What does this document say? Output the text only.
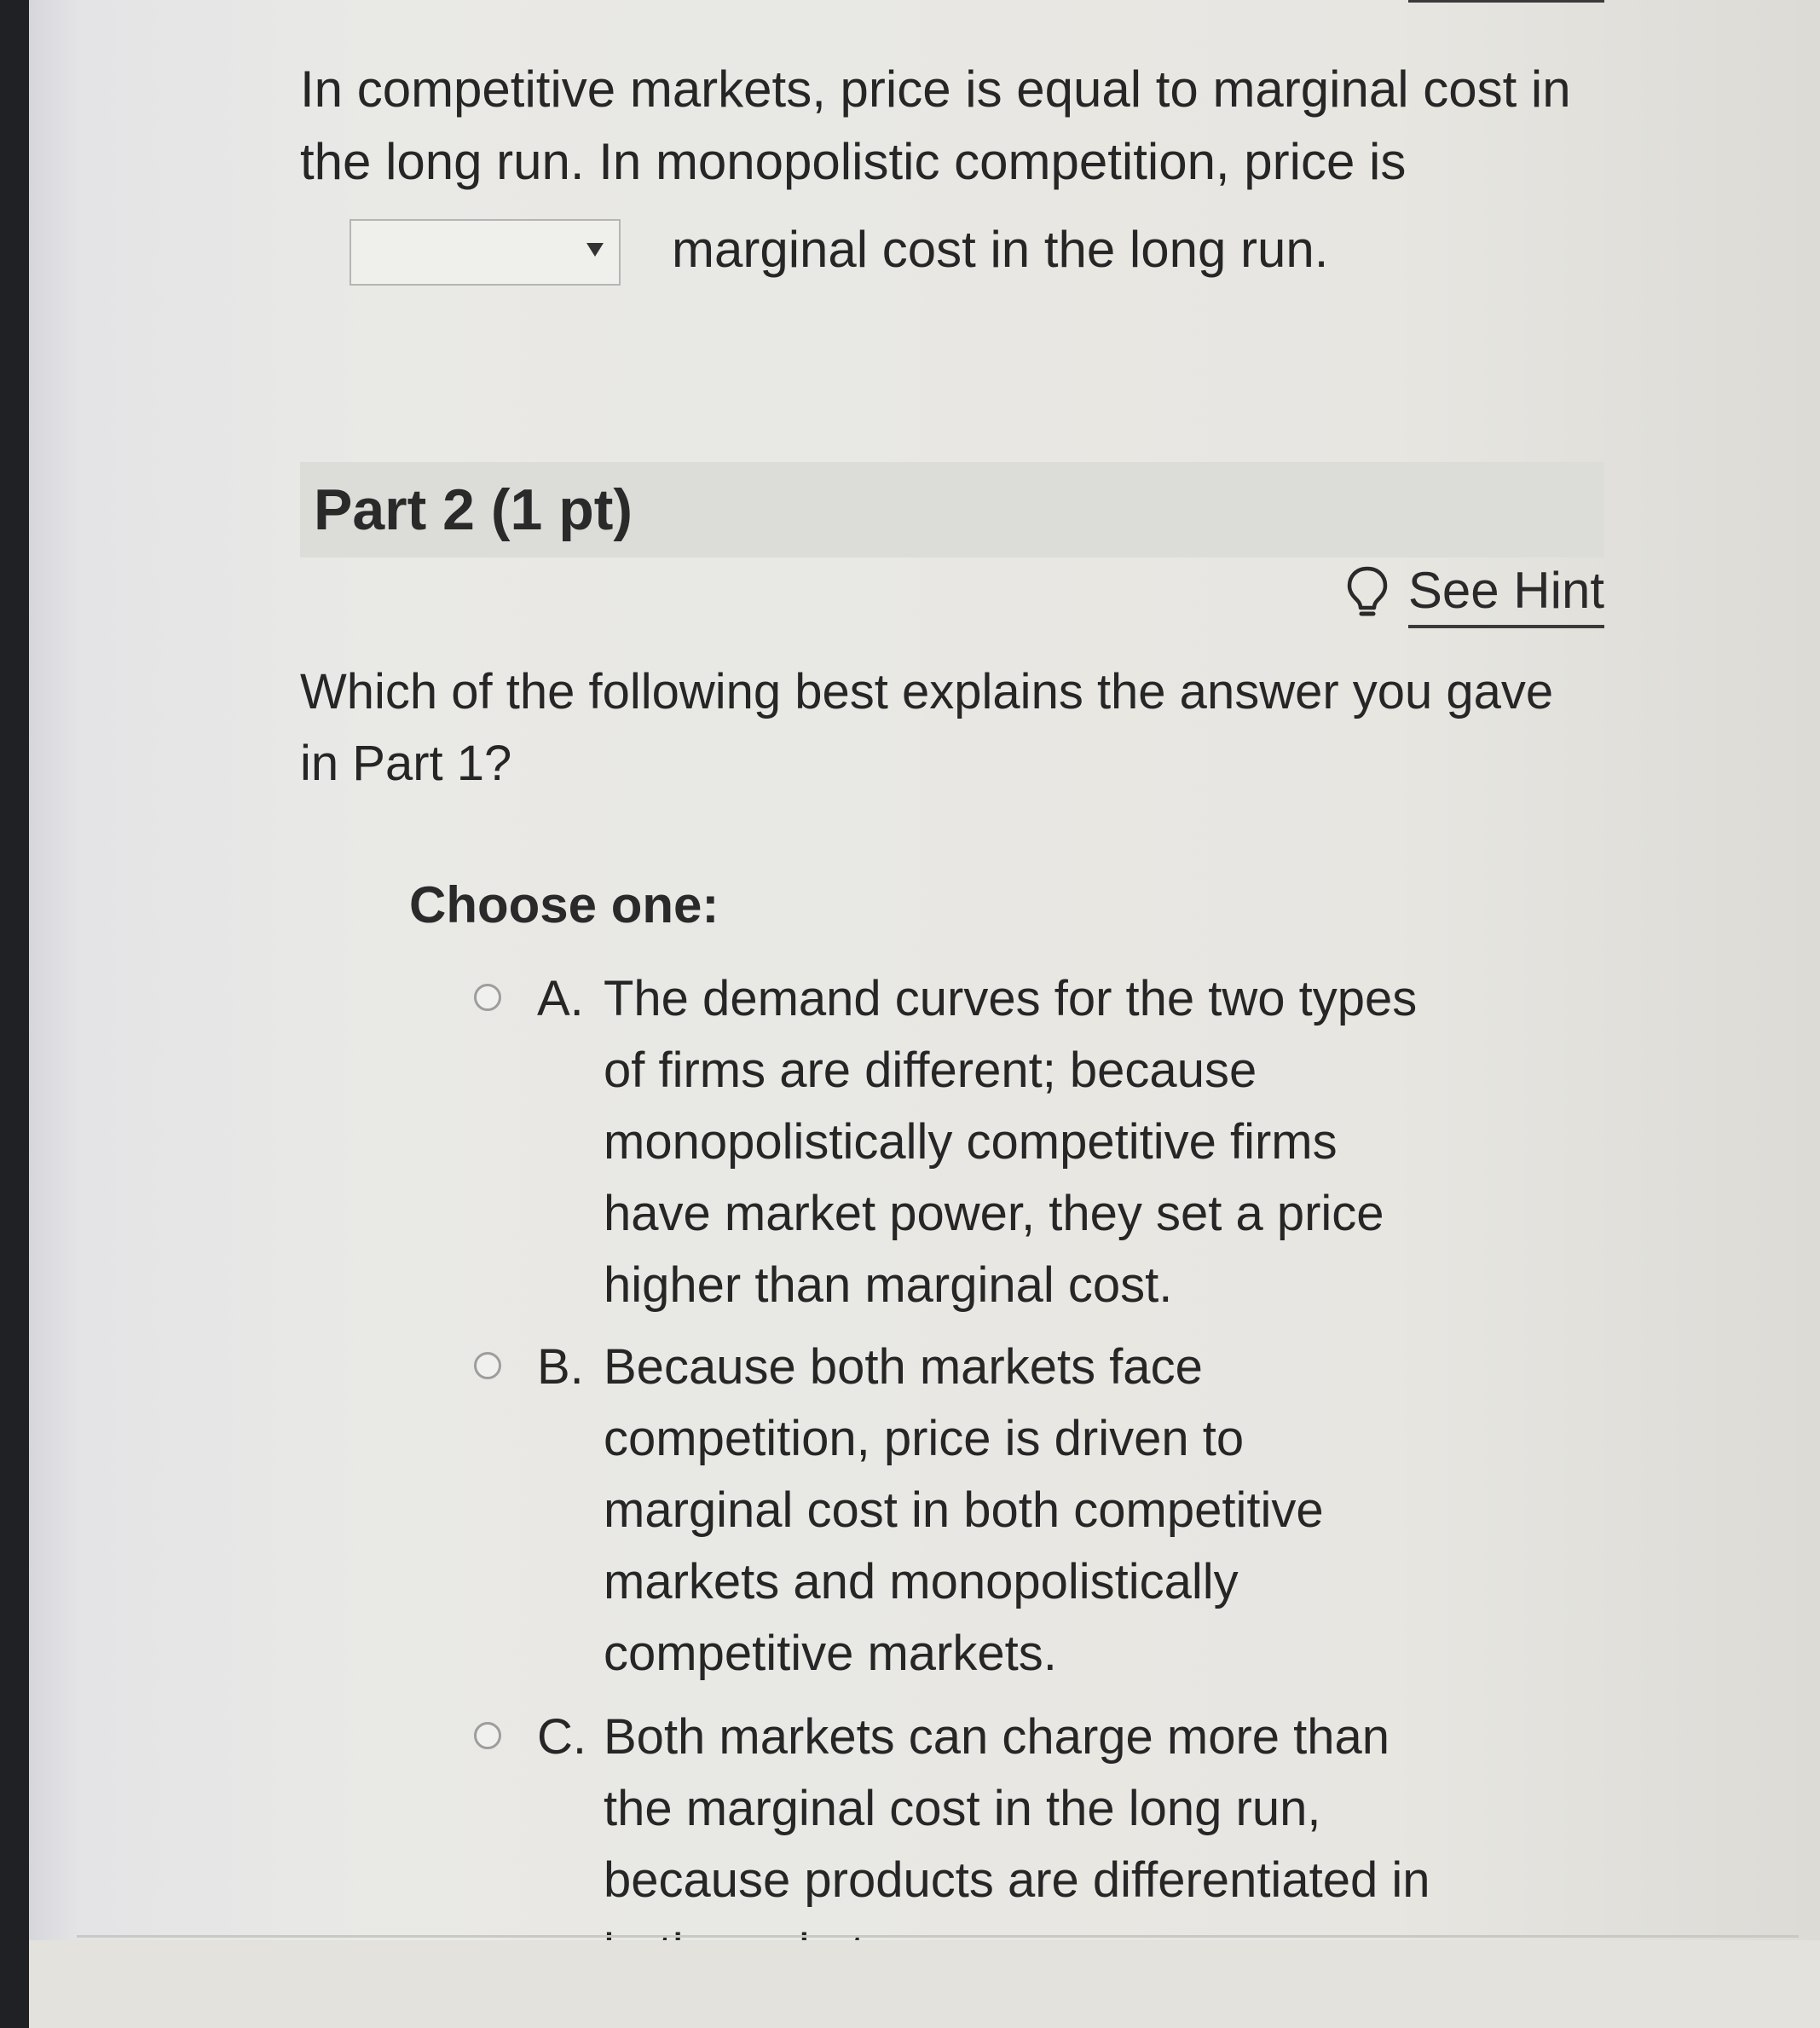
In competitive markets, price is equal to marginal cost in
the long run. In monopolistic competition, price is
marginal cost in the long run.
Part 2 (1 pt)
See Hint
Which of the following best explains the answer you gave
in Part 1?
Choose one:
A. The demand curves for the two types
of firms are different; because
monopolistically competitive firms
have market power, they set a price
higher than marginal cost.
B. Because both markets face
competition, price is driven to
marginal cost in both competitive
markets and monopolistically
competitive markets.
C. Both markets can charge more than
the marginal cost in the long run,
because products are differentiated in
